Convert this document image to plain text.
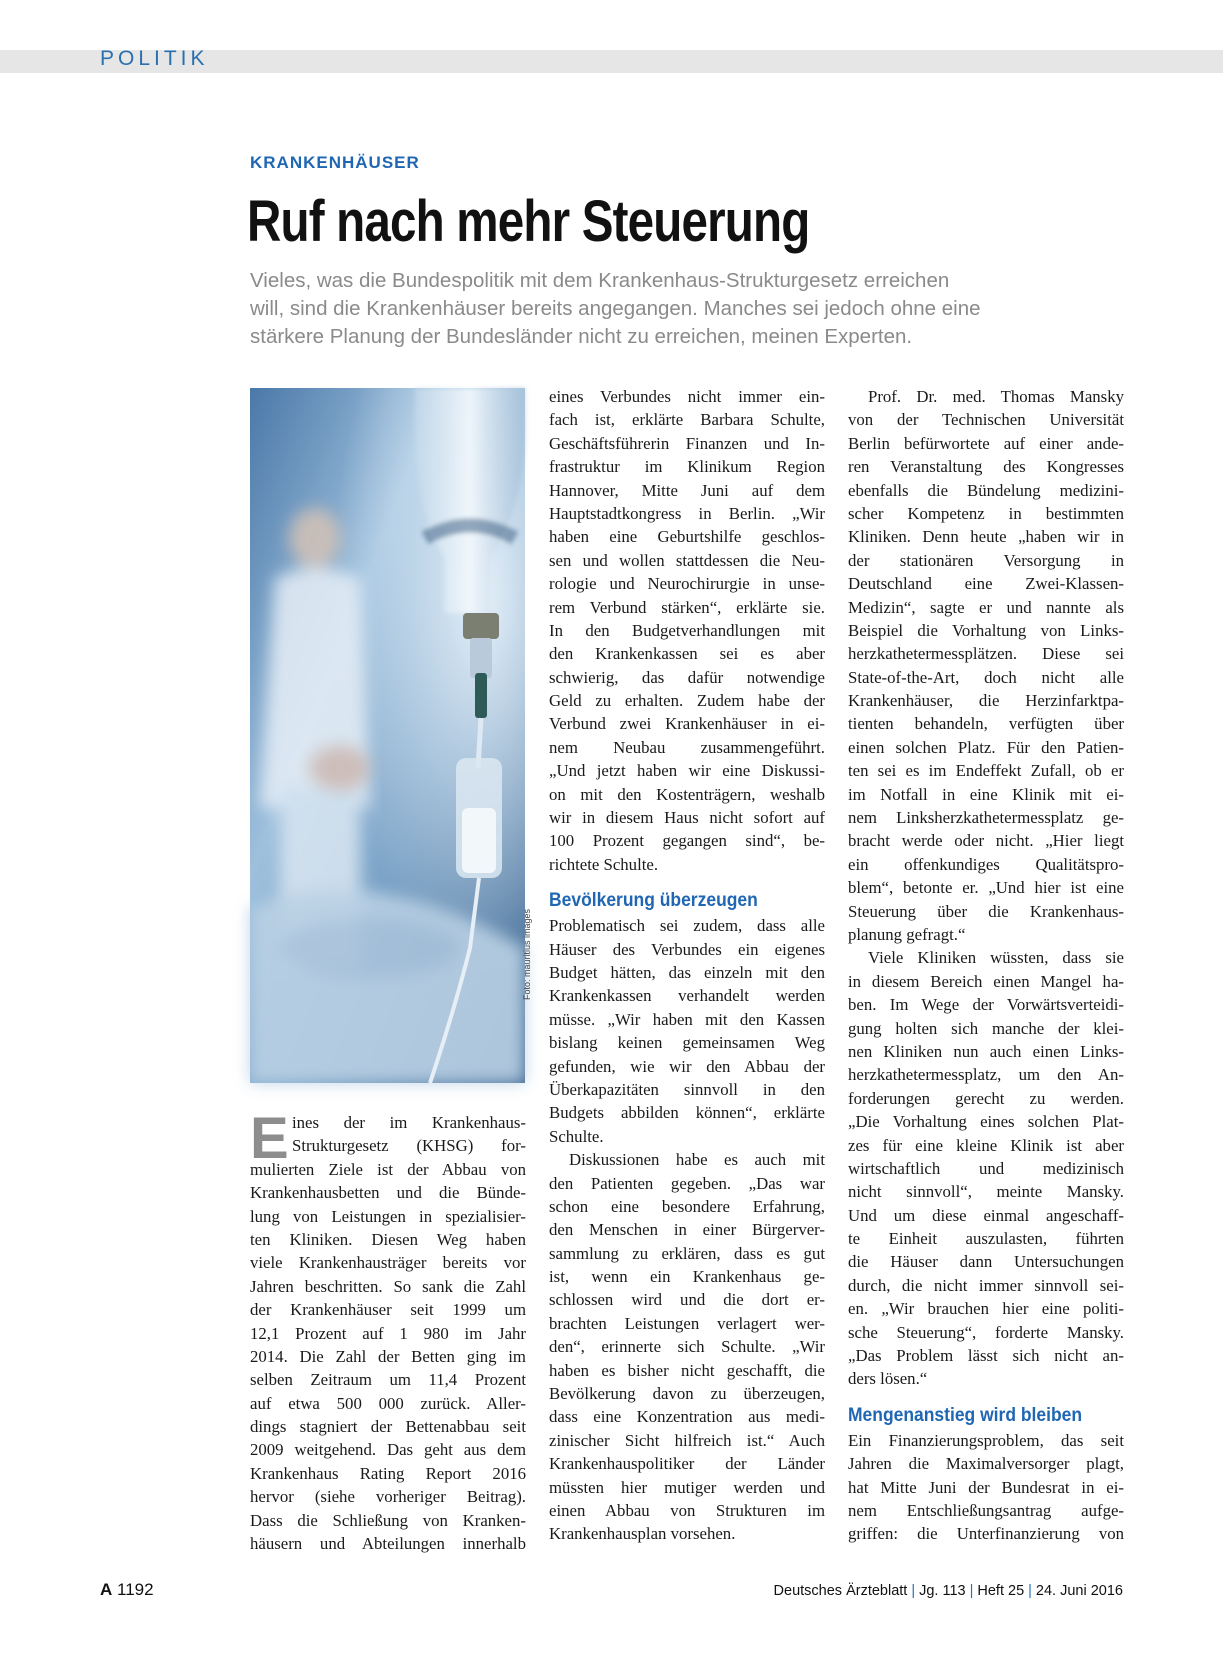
POLITIK
KRANKENHÄUSER
Ruf nach mehr Steuerung
Vieles, was die Bundespolitik mit dem Krankenhaus-Strukturgesetz erreichen
will, sind die Krankenhäuser bereits angegangen. Manches sei jedoch ohne eine
stärkere Planung der Bundesländer nicht zu erreichen, meinen Experten.
Foto: mauritius images
E ines der im Krankenhaus-
Strukturgesetz (KHSG) for-
mulierten Ziele ist der Abbau von
Krankenhausbetten und die Bünde-
lung von Leistungen in spezialisier-
ten Kliniken. Diesen Weg haben
viele Krankenhausträger bereits vor
Jahren beschritten. So sank die Zahl
der Krankenhäuser seit 1999 um
12,1 Prozent auf 1 980 im Jahr
2014. Die Zahl der Betten ging im
selben Zeitraum um 11,4 Prozent
auf etwa 500 000 zurück. Aller-
dings stagniert der Bettenabbau seit
2009 weitgehend. Das geht aus dem
Krankenhaus Rating Report 2016
hervor (siehe vorheriger Beitrag).
Dass die Schließung von Kranken-
häusern und Abteilungen innerhalb
eines Verbundes nicht immer ein-
fach ist, erklärte Barbara Schulte,
Geschäftsführerin Finanzen und In-
frastruktur im Klinikum Region
Hannover, Mitte Juni auf dem
Hauptstadtkongress in Berlin. „Wir
haben eine Geburtshilfe geschlos-
sen und wollen stattdessen die Neu-
rologie und Neurochirurgie in unse-
rem Verbund stärken“, erklärte sie.
In den Budgetverhandlungen mit
den Krankenkassen sei es aber
schwierig, das dafür notwendige
Geld zu erhalten. Zudem habe der
Verbund zwei Krankenhäuser in ei-
nem Neubau zusammengeführt.
„Und jetzt haben wir eine Diskussi-
on mit den Kostenträgern, weshalb
wir in diesem Haus nicht sofort auf
100 Prozent gegangen sind“, be-
richtete Schulte.
Bevölkerung überzeugen
Problematisch sei zudem, dass alle
Häuser des Verbundes ein eigenes
Budget hätten, das einzeln mit den
Krankenkassen verhandelt werden
müsse. „Wir haben mit den Kassen
bislang keinen gemeinsamen Weg
gefunden, wie wir den Abbau der
Überkapazitäten sinnvoll in den
Budgets abbilden können“, erklärte
Schulte.
Diskussionen habe es auch mit
den Patienten gegeben. „Das war
schon eine besondere Erfahrung,
den Menschen in einer Bürgerver-
sammlung zu erklären, dass es gut
ist, wenn ein Krankenhaus ge-
schlossen wird und die dort er-
brachten Leistungen verlagert wer-
den“, erinnerte sich Schulte. „Wir
haben es bisher nicht geschafft, die
Bevölkerung davon zu überzeugen,
dass eine Konzentration aus medi-
zinischer Sicht hilfreich ist.“ Auch
Krankenhauspolitiker der Länder
müssten hier mutiger werden und
einen Abbau von Strukturen im
Krankenhausplan vorsehen.
Prof. Dr. med. Thomas Mansky
von der Technischen Universität
Berlin befürwortete auf einer ande-
ren Veranstaltung des Kongresses
ebenfalls die Bündelung medizini-
scher Kompetenz in bestimmten
Kliniken. Denn heute „haben wir in
der stationären Versorgung in
Deutschland eine Zwei-Klassen-
Medizin“, sagte er und nannte als
Beispiel die Vorhaltung von Links-
herzkathetermessplätzen. Diese sei
State-of-the-Art, doch nicht alle
Krankenhäuser, die Herzinfarktpa-
tienten behandeln, verfügten über
einen solchen Platz. Für den Patien-
ten sei es im Endeffekt Zufall, ob er
im Notfall in eine Klinik mit ei-
nem Linksherzkathetermessplatz ge-
bracht werde oder nicht. „Hier liegt
ein offenkundiges Qualitätspro-
blem“, betonte er. „Und hier ist eine
Steuerung über die Krankenhaus-
planung gefragt.“
Viele Kliniken wüssten, dass sie
in diesem Bereich einen Mangel ha-
ben. Im Wege der Vorwärtsverteidi-
gung holten sich manche der klei-
nen Kliniken nun auch einen Links-
herzkathetermessplatz, um den An-
forderungen gerecht zu werden.
„Die Vorhaltung eines solchen Plat-
zes für eine kleine Klinik ist aber
wirtschaftlich und medizinisch
nicht sinnvoll“, meinte Mansky.
Und um diese einmal angeschaff-
te Einheit auszulasten, führten
die Häuser dann Untersuchungen
durch, die nicht immer sinnvoll sei-
en. „Wir brauchen hier eine politi-
sche Steuerung“, forderte Mansky.
„Das Problem lässt sich nicht an-
ders lösen.“
Mengenanstieg wird bleiben
Ein Finanzierungsproblem, das seit
Jahren die Maximalversorger plagt,
hat Mitte Juni der Bundesrat in ei-
nem Entschließungsantrag aufge-
griffen: die Unterfinanzierung von
A 1192	Deutsches Ärzteblatt | Jg. 113 | Heft 25 | 24. Juni 2016
